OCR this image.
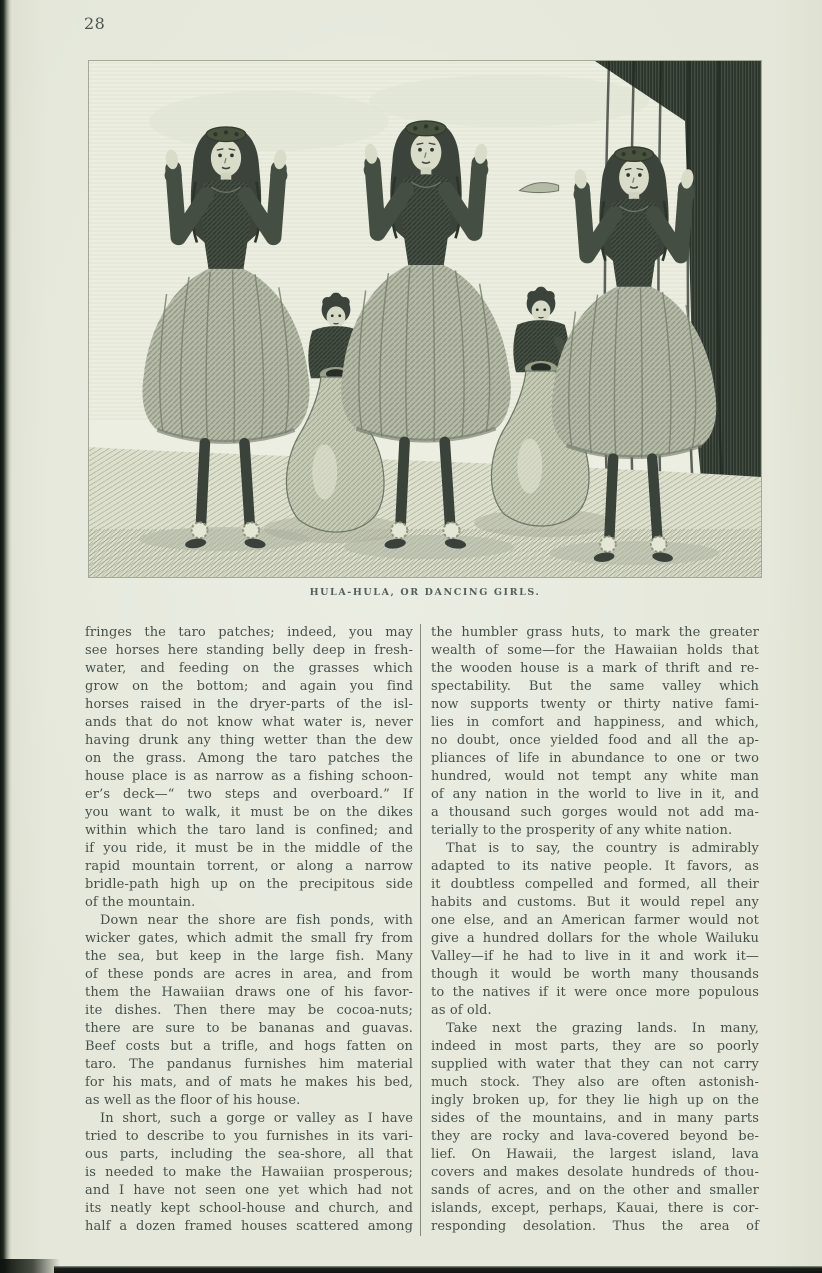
28
HULA-HULA, OR DANCING GIRLS.
fringes the taro patches; indeed, you may
see horses here standing belly deep in fresh-
water, and feeding on the grasses which
grow on the bottom; and again you find
horses raised in the dryer-parts of the isl-
ands that do not know what water is, never
having drunk any thing wetter than the dew
on the grass. Among the taro patches the
house place is as narrow as a fishing schoon-
er’s deck—“ two steps and overboard.” If
you want to walk, it must be on the dikes
within which the taro land is confined; and
if you ride, it must be in the middle of the
rapid mountain torrent, or along a narrow
bridle-path high up on the precipitous side
of the mountain.
Down near the shore are fish ponds, with
wicker gates, which admit the small fry from
the sea, but keep in the large fish. Many
of these ponds are acres in area, and from
them the Hawaiian draws one of his favor-
ite dishes. Then there may be cocoa-nuts;
there are sure to be bananas and guavas.
Beef costs but a trifle, and hogs fatten on
taro. The pandanus furnishes him material
for his mats, and of mats he makes his bed,
as well as the floor of his house.
In short, such a gorge or valley as I have
tried to describe to you furnishes in its vari-
ous parts, including the sea-shore, all that
is needed to make the Hawaiian prosperous;
and I have not seen one yet which had not
its neatly kept school-house and church, and
half a dozen framed houses scattered among
the humbler grass huts, to mark the greater
wealth of some—for the Hawaiian holds that
the wooden house is a mark of thrift and re-
spectability. But the same valley which
now supports twenty or thirty native fami-
lies in comfort and happiness, and which,
no doubt, once yielded food and all the ap-
pliances of life in abundance to one or two
hundred, would not tempt any white man
of any nation in the world to live in it, and
a thousand such gorges would not add ma-
terially to the prosperity of any white nation.
That is to say, the country is admirably
adapted to its native people. It favors, as
it doubtless compelled and formed, all their
habits and customs. But it would repel any
one else, and an American farmer would not
give a hundred dollars for the whole Wailuku
Valley—if he had to live in it and work it—
though it would be worth many thousands
to the natives if it were once more populous
as of old.
Take next the grazing lands. In many,
indeed in most parts, they are so poorly
supplied with water that they can not carry
much stock. They also are often astonish-
ingly broken up, for they lie high up on the
sides of the mountains, and in many parts
they are rocky and lava-covered beyond be-
lief. On Hawaii, the largest island, lava
covers and makes desolate hundreds of thou-
sands of acres, and on the other and smaller
islands, except, perhaps, Kauai, there is cor-
responding desolation. Thus the area of
